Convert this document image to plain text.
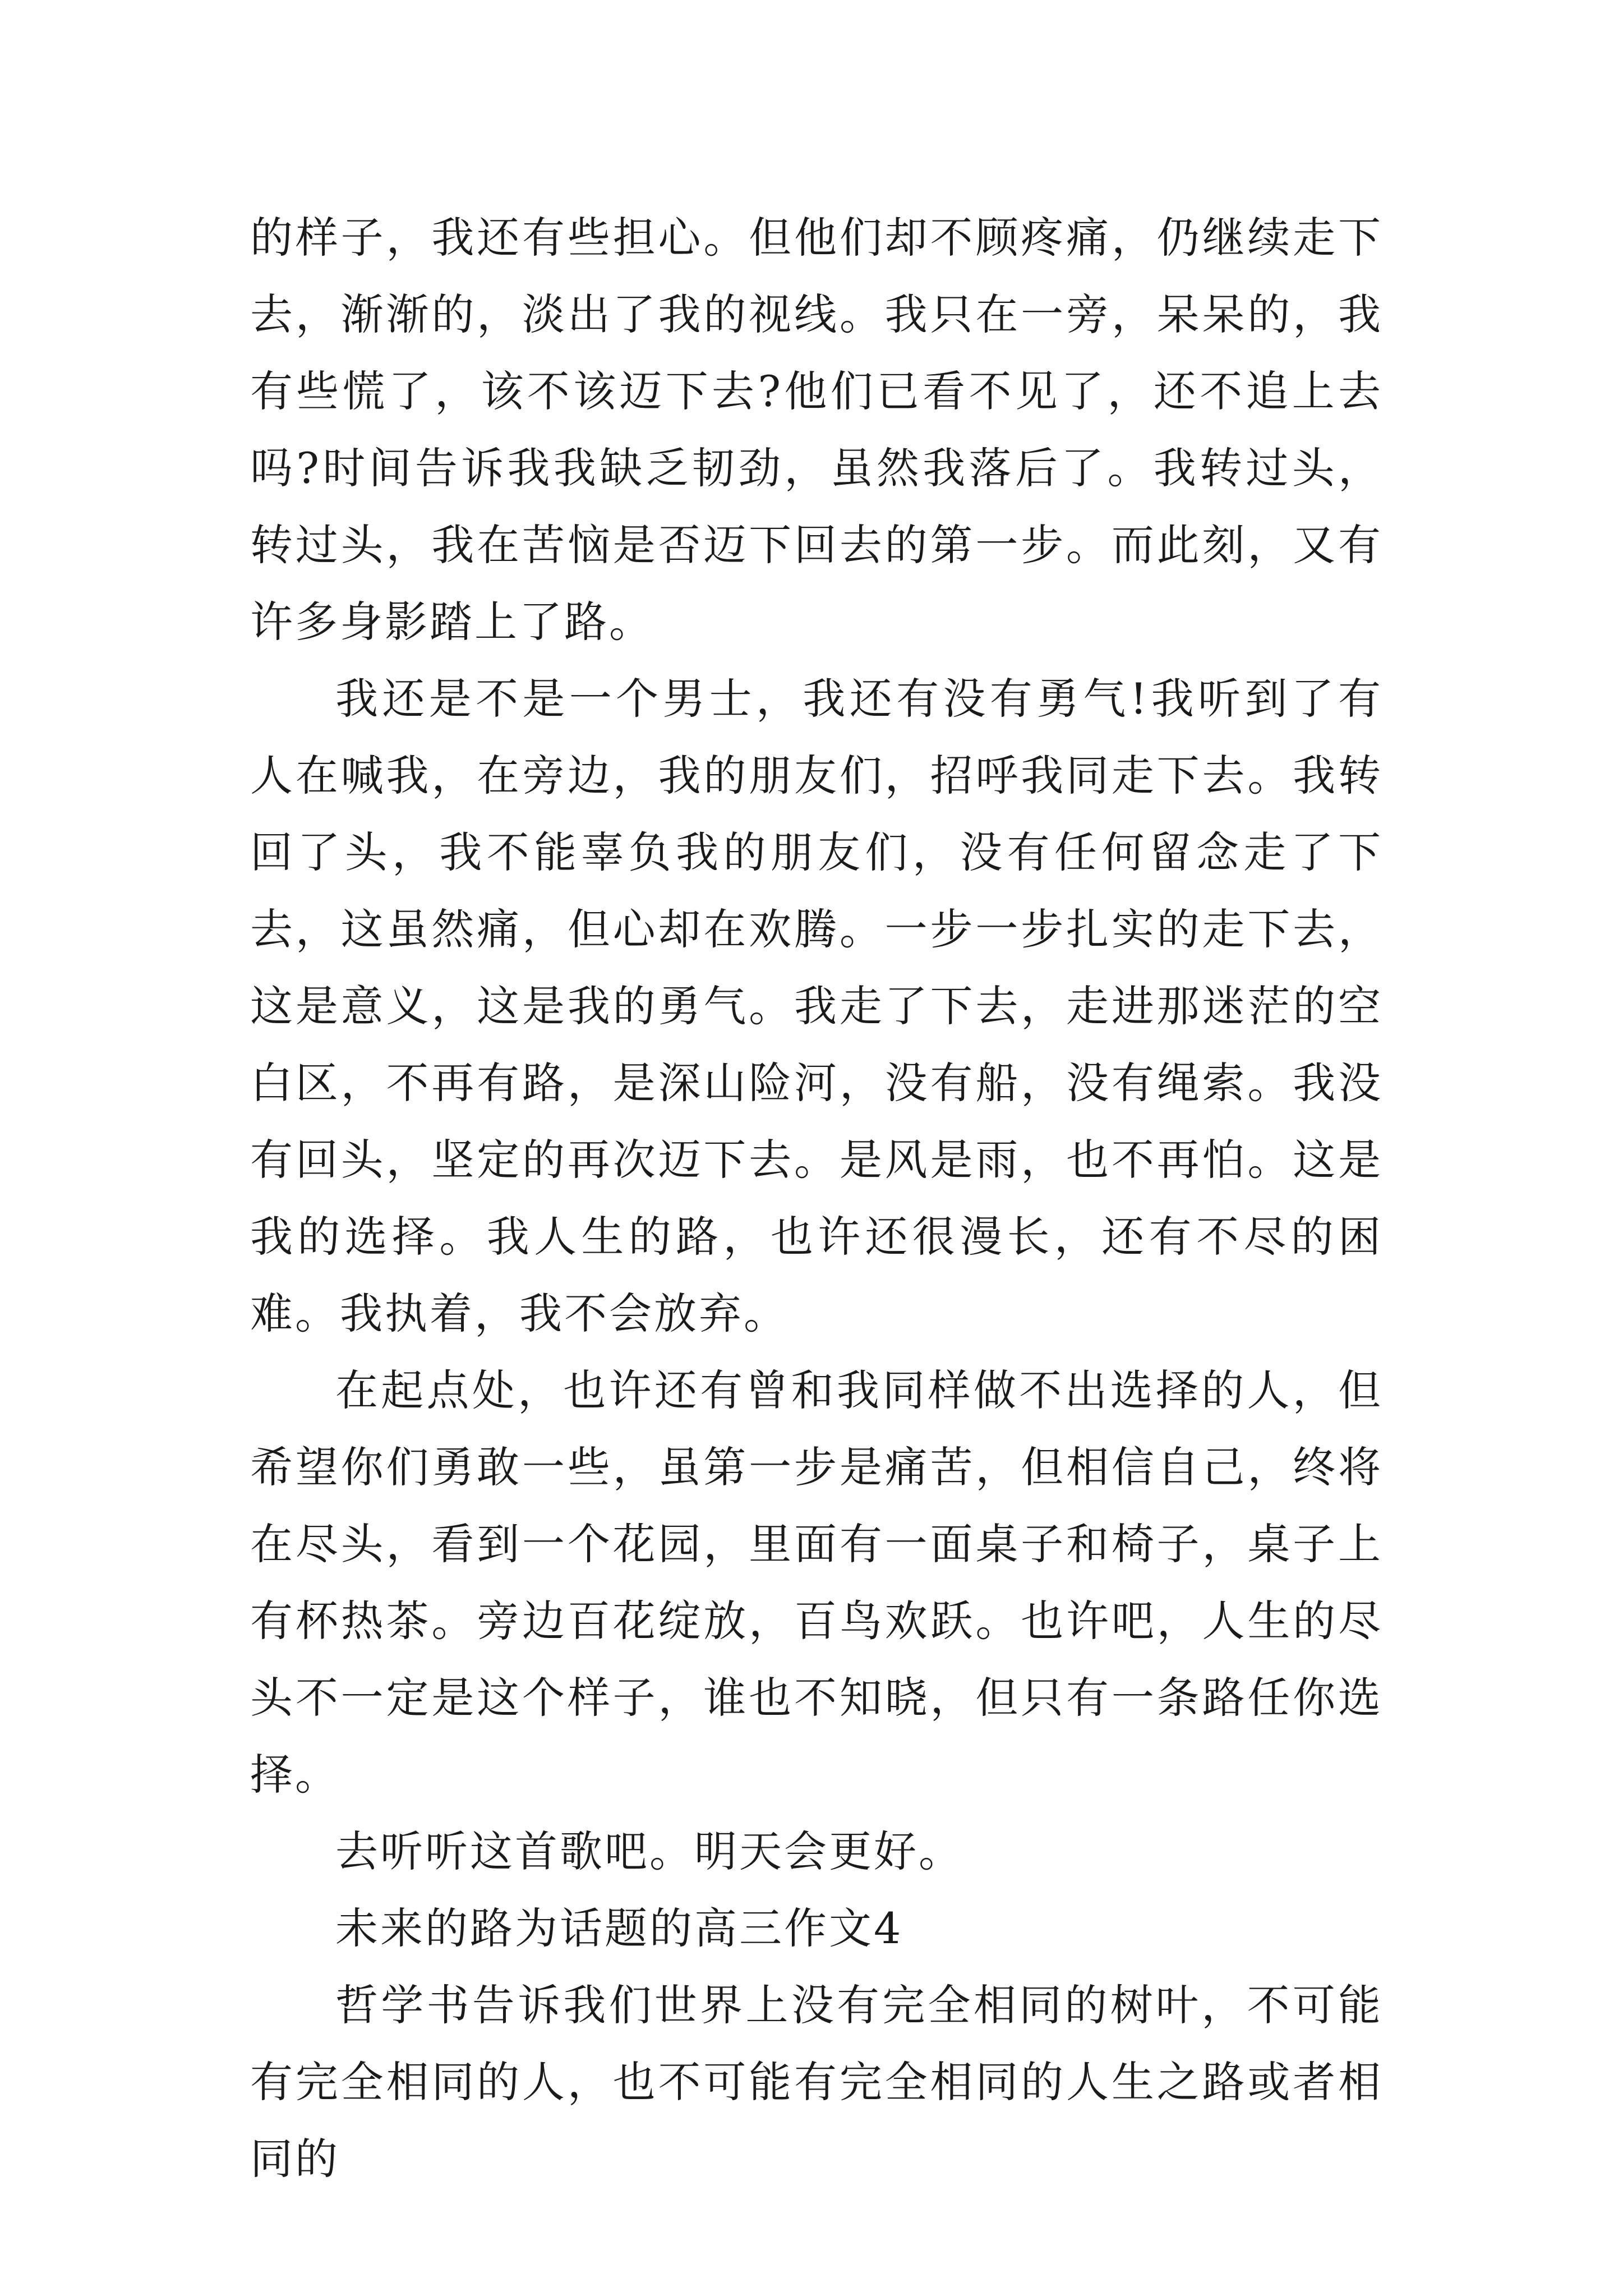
的样子，我还有些担心。但他们却不顾疼痛，仍继续走下去，渐渐的，淡出了我的视线。我只在一旁，呆呆的，我有些慌了，该不该迈下去?他们已看不见了，还不追上去吗?时间告诉我我缺乏韧劲，虽然我落后了。我转过头，转过头，我在苦恼是否迈下回去的第一步。而此刻，又有许多身影踏上了路。

我还是不是一个男士，我还有没有勇气!我听到了有人在喊我，在旁边，我的朋友们，招呼我同走下去。我转回了头，我不能辜负我的朋友们，没有任何留念走了下去，这虽然痛，但心却在欢腾。一步一步扎实的走下去，这是意义，这是我的勇气。我走了下去，走进那迷茫的空白区，不再有路，是深山险河，没有船，没有绳索。我没有回头，坚定的再次迈下去。是风是雨，也不再怕。这是我的选择。我人生的路，也许还很漫长，还有不尽的困难。我执着，我不会放弃。

在起点处，也许还有曾和我同样做不出选择的人，但希望你们勇敢一些，虽第一步是痛苦，但相信自己，终将在尽头，看到一个花园，里面有一面桌子和椅子，桌子上有杯热茶。旁边百花绽放，百鸟欢跃。也许吧，人生的尽头不一定是这个样子，谁也不知晓，但只有一条路任你选择。

去听听这首歌吧。明天会更好。

未来的路为话题的高三作文4

哲学书告诉我们世界上没有完全相同的树叶，不可能有完全相同的人，也不可能有完全相同的人生之路或者相同的
